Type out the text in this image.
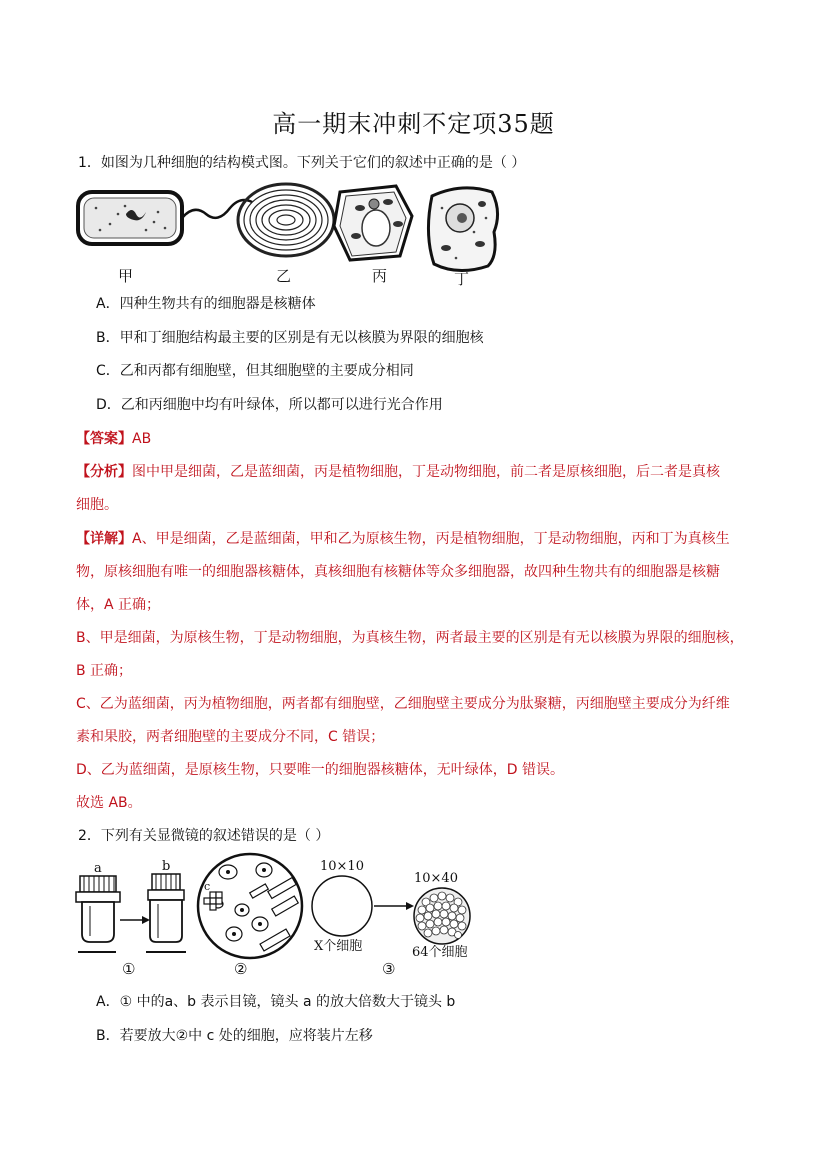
高一期末冲刺不定项35题
1．如图为几种细胞的结构模式图。下列关于它们的叙述中正确的是（ ）
甲	乙	丙	丁
A．四种生物共有的细胞器是核糖体
B．甲和丁细胞结构最主要的区别是有无以核膜为界限的细胞核
C．乙和丙都有细胞壁，但其细胞壁的主要成分相同
D．乙和丙细胞中均有叶绿体，所以都可以进行光合作用
【答案】AB
【分析】图中甲是细菌，乙是蓝细菌，丙是植物细胞，丁是动物细胞，前二者是原核细胞，后二者是真核
细胞。
【详解】A、甲是细菌，乙是蓝细菌，甲和乙为原核生物，丙是植物细胞，丁是动物细胞，丙和丁为真核生
物，原核细胞有唯一的细胞器核糖体，真核细胞有核糖体等众多细胞器，故四种生物共有的细胞器是核糖
体，A 正确；
B、甲是细菌，为原核生物，丁是动物细胞，为真核生物，两者最主要的区别是有无以核膜为界限的细胞核，
B 正确；
C、乙为蓝细菌，丙为植物细胞，两者都有细胞壁，乙细胞壁主要成分为肽聚糖，丙细胞壁主要成分为纤维
素和果胶，两者细胞壁的主要成分不同，C 错误；
D、乙为蓝细菌，是原核生物，只要唯一的细胞器核糖体，无叶绿体，D 错误。
故选 AB。
2．下列有关显微镜的叙述错误的是（ ）
a	b
①
c
②
10×10
X个细胞
10×40
64个细胞
③
A．① 中的a、b 表示目镜，镜头 a 的放大倍数大于镜头 b
B．若要放大②中 c 处的细胞，应将装片左移
